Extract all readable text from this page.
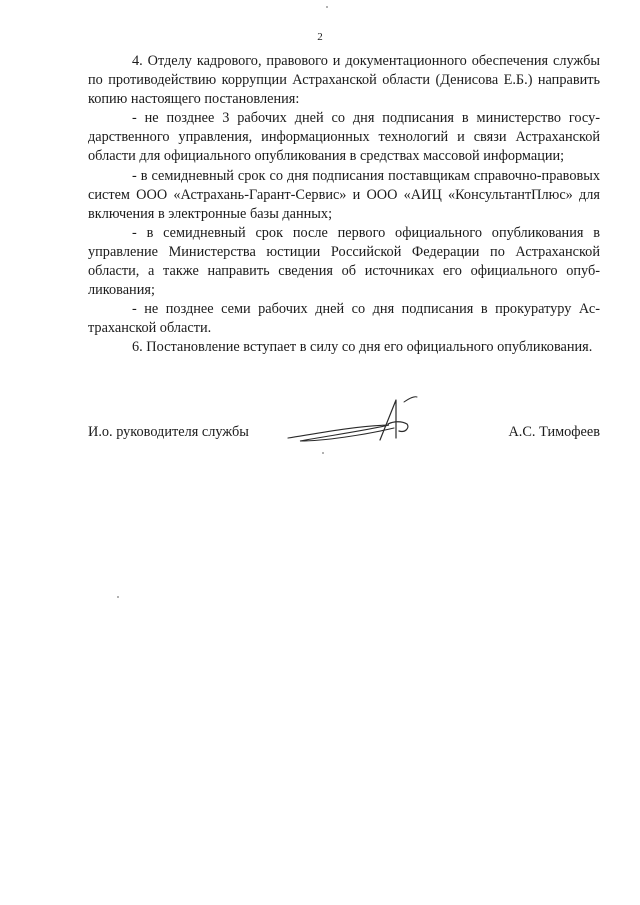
2

4. Отделу кадрового, правового и документационного обеспечения службы по противодействию коррупции Астраханской области (Денисова Е.Б.) направить копию настоящего постановления:

- не позднее 3 рабочих дней со дня подписания в министерство государственного управления, информационных технологий и связи Астраханской области для официального опубликования в средствах массовой информации;

- в семидневный срок со дня подписания поставщикам справочно-правовых систем ООО «Астрахань-Гарант-Сервис» и ООО «АИЦ «КонсультантПлюс» для включения в электронные базы данных;

- в семидневный срок после первого официального опубликования в управление Министерства юстиции Российской Федерации по Астраханской области, а также направить сведения об источниках его официального опубликования;

- не позднее семи рабочих дней со дня подписания в прокуратуру Астраханской области.

6. Постановление вступает в силу со дня его официального опубликования.

И.о. руководителя службы	А.С. Тимофеев
